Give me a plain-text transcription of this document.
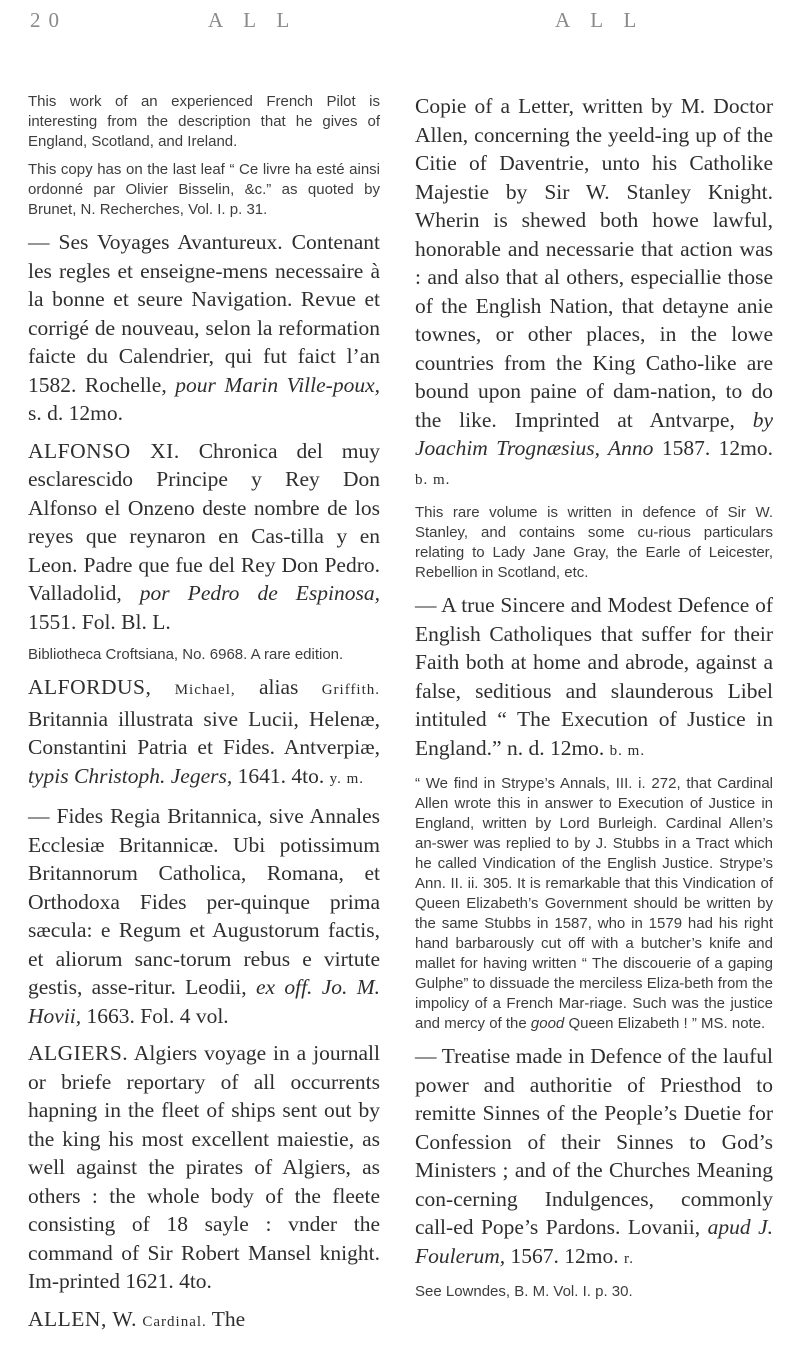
20	A L L	A L L

This work of an experienced French Pilot is interesting from the description that he gives of England, Scotland, and Ireland.

This copy has on the last leaf “ Ce livre ha esté ainsi ordonné par Olivier Bisselin, &c.” as quoted by Brunet, N. Recherches, Vol. I. p. 31.

— Ses Voyages Avantureux. Contenant les regles et enseigne-mens necessaire à la bonne et seure Navigation. Revue et corrigé de nouveau, selon la reformation faicte du Calendrier, qui fut faict l’an 1582. Rochelle, pour Marin Ville-poux, s. d. 12mo.

ALFONSO XI. Chronica del muy esclarescido Principe y Rey Don Alfonso el Onzeno deste nombre de los reyes que reynaron en Cas-tilla y en Leon. Padre que fue del Rey Don Pedro. Valladolid, por Pedro de Espinosa, 1551. Fol. Bl. L.

Bibliotheca Croftsiana, No. 6968. A rare edition.

ALFORDUS, Michael, alias Griffith. Britannia illustrata sive Lucii, Helenæ, Constantini Patria et Fides. Antverpiæ, typis Christoph. Jegers, 1641. 4to. y. m.

— Fides Regia Britannica, sive Annales Ecclesiæ Britannicæ. Ubi potissimum Britannorum Catholica, Romana, et Orthodoxa Fides per-quinque prima sæcula: e Regum et Augustorum factis, et aliorum sanc-torum rebus e virtute gestis, asse-ritur. Leodii, ex off. Jo. M. Hovii, 1663. Fol. 4 vol.

ALGIERS. Algiers voyage in a journall or briefe reportary of all occurrents hapning in the fleet of ships sent out by the king his most excellent maiestie, as well against the pirates of Algiers, as others : the whole body of the fleete consisting of 18 sayle : vnder the command of Sir Robert Mansel knight. Im-printed 1621. 4to.

ALLEN, W. Cardinal. The

Copie of a Letter, written by M. Doctor Allen, concerning the yeeld-ing up of the Citie of Daventrie, unto his Catholike Majestie by Sir W. Stanley Knight. Wherin is shewed both howe lawful, honorable and necessarie that action was : and also that al others, especiallie those of the English Nation, that detayne anie townes, or other places, in the lowe countries from the King Catho-like are bound upon paine of dam-nation, to do the like. Imprinted at Antvarpe, by Joachim Trognæsius, Anno 1587. 12mo. b. m.

This rare volume is written in defence of Sir W. Stanley, and contains some cu-rious particulars relating to Lady Jane Gray, the Earle of Leicester, Rebellion in Scotland, etc.

— A true Sincere and Modest Defence of English Catholiques that suffer for their Faith both at home and abrode, against a false, seditious and slaunderous Libel intituled “ The Execution of Justice in England.” n. d. 12mo. b. m.

“ We find in Strype’s Annals, III. i. 272, that Cardinal Allen wrote this in answer to Execution of Justice in England, written by Lord Burleigh. Cardinal Allen’s an-swer was replied to by J. Stubbs in a Tract which he called Vindication of the English Justice. Strype’s Ann. II. ii. 305. It is remarkable that this Vindication of Queen Elizabeth’s Government should be written by the same Stubbs in 1587, who in 1579 had his right hand barbarously cut off with a butcher’s knife and mallet for having written “ The discouerie of a gaping Gulphe” to dissuade the merciless Eliza-beth from the impolicy of a French Mar-riage. Such was the justice and mercy of the good Queen Elizabeth ! ” MS. note.

— Treatise made in Defence of the lauful power and authoritie of Priesthod to remitte Sinnes of the People’s Duetie for Confession of their Sinnes to God’s Ministers ; and of the Churches Meaning con-cerning Indulgences, commonly call-ed Pope’s Pardons. Lovanii, apud J. Foulerum, 1567. 12mo. r.

See Lowndes, B. M. Vol. I. p. 30.
